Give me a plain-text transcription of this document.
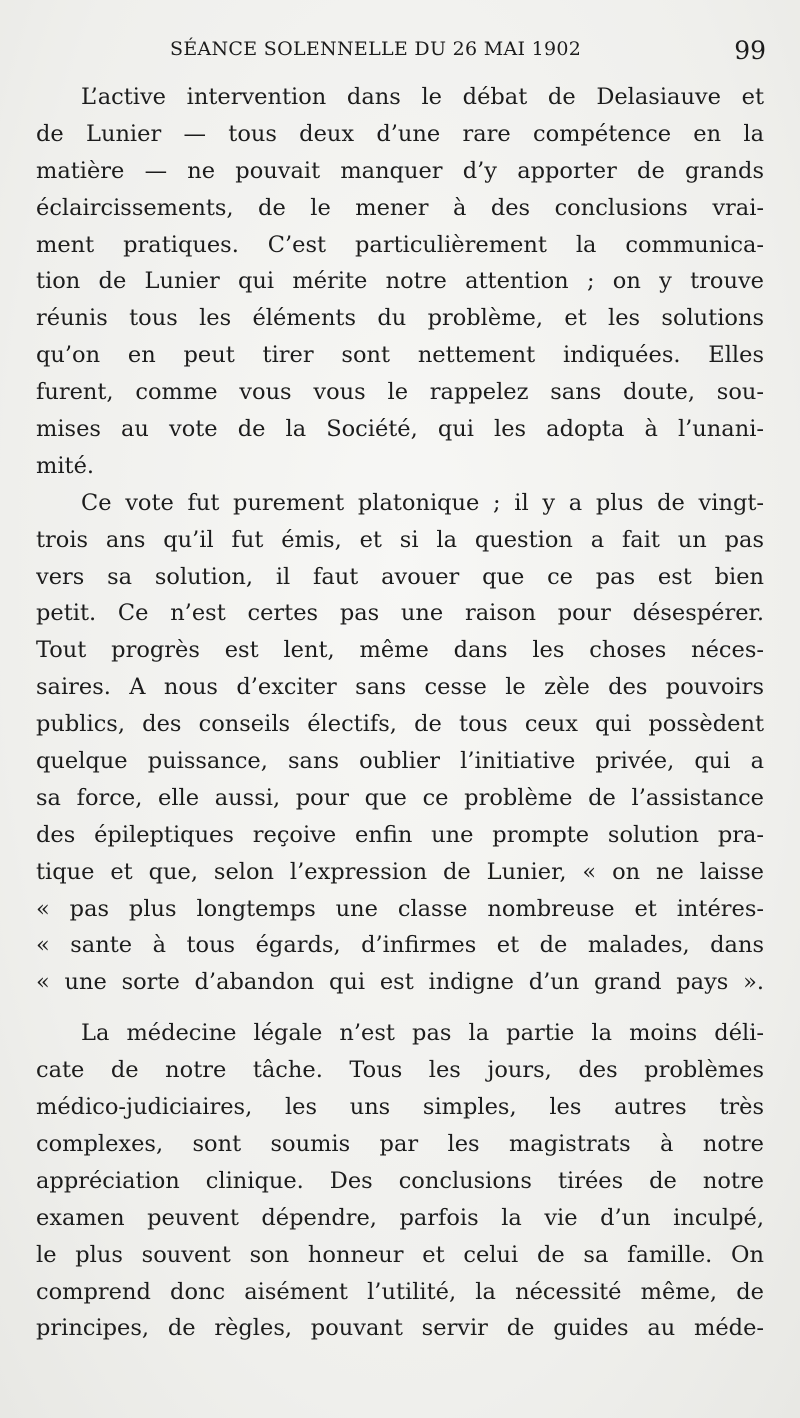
SÉANCE SOLENNELLE DU 26 MAI 1902	99
L’active intervention dans le débat de Delasiauve et
de Lunier — tous deux d’une rare compétence en la
matière — ne pouvait manquer d’y apporter de grands
éclaircissements, de le mener à des conclusions vrai-
ment pratiques. C’est particulièrement la communica-
tion de Lunier qui mérite notre attention ; on y trouve
réunis tous les éléments du problème, et les solutions
qu’on en peut tirer sont nettement indiquées. Elles
furent, comme vous vous le rappelez sans doute, sou-
mises au vote de la Société, qui les adopta à l’unani-
mité.
Ce vote fut purement platonique ; il y a plus de vingt-
trois ans qu’il fut émis, et si la question a fait un pas
vers sa solution, il faut avouer que ce pas est bien
petit. Ce n’est certes pas une raison pour désespérer.
Tout progrès est lent, même dans les choses néces-
saires. A nous d’exciter sans cesse le zèle des pouvoirs
publics, des conseils électifs, de tous ceux qui possèdent
quelque puissance, sans oublier l’initiative privée, qui a
sa force, elle aussi, pour que ce problème de l’assistance
des épileptiques reçoive enfin une prompte solution pra-
tique et que, selon l’expression de Lunier, « on ne laisse
« pas plus longtemps une classe nombreuse et intéres-
« sante à tous égards, d’infirmes et de malades, dans
« une sorte d’abandon qui est indigne d’un grand pays ».
La médecine légale n’est pas la partie la moins déli-
cate de notre tâche. Tous les jours, des problèmes
médico-judiciaires, les uns simples, les autres très
complexes, sont soumis par les magistrats à notre
appréciation clinique. Des conclusions tirées de notre
examen peuvent dépendre, parfois la vie d’un inculpé,
le plus souvent son honneur et celui de sa famille. On
comprend donc aisément l’utilité, la nécessité même, de
principes, de règles, pouvant servir de guides au méde-
